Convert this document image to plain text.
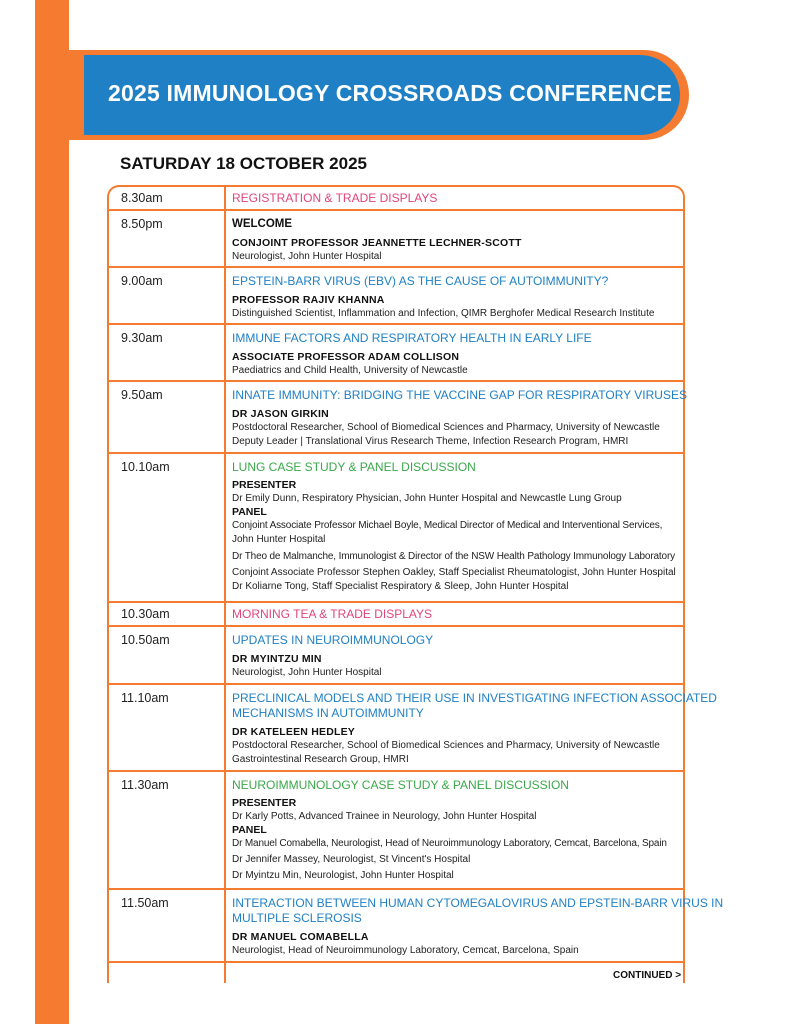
2025 IMMUNOLOGY CROSSROADS CONFERENCE
SATURDAY 18 OCTOBER 2025
8.30am	REGISTRATION & TRADE DISPLAYS

8.50pm	WELCOME

CONJOINT PROFESSOR JEANNETTE LECHNER-SCOTT
Neurologist, John Hunter Hospital
9.00am	EPSTEIN-BARR VIRUS (EBV) AS THE CAUSE OF AUTOIMMUNITY?

PROFESSOR RAJIV KHANNA
Distinguished Scientist, Inflammation and Infection, QIMR Berghofer Medical Research Institute
9.30am	IMMUNE FACTORS AND RESPIRATORY HEALTH IN EARLY LIFE

ASSOCIATE PROFESSOR ADAM COLLISON
Paediatrics and Child Health, University of Newcastle
9.50am	INNATE IMMUNITY: BRIDGING THE VACCINE GAP FOR RESPIRATORY VIRUSES

DR JASON GIRKIN
Postdoctoral Researcher, School of Biomedical Sciences and Pharmacy, University of Newcastle
Deputy Leader | Translational Virus Research Theme, Infection Research Program, HMRI
10.10am	LUNG CASE STUDY & PANEL DISCUSSION

PRESENTER
Dr Emily Dunn, Respiratory Physician, John Hunter Hospital and Newcastle Lung Group
PANEL
Conjoint Associate Professor Michael Boyle, Medical Director of Medical and Interventional Services,
John Hunter Hospital
Dr Theo de Malmanche, Immunologist & Director of the NSW Health Pathology Immunology Laboratory
Conjoint Associate Professor Stephen Oakley, Staff Specialist Rheumatologist, John Hunter Hospital
Dr Koliarne Tong, Staff Specialist Respiratory & Sleep, John Hunter Hospital
10.30am	MORNING TEA & TRADE DISPLAYS

10.50am	UPDATES IN NEUROIMMUNOLOGY

DR MYINTZU MIN
Neurologist, John Hunter Hospital
11.10am	PRECLINICAL MODELS AND THEIR USE IN INVESTIGATING INFECTION ASSOCIATED

MECHANISMS IN AUTOIMMUNITY

DR KATELEEN HEDLEY
Postdoctoral Researcher, School of Biomedical Sciences and Pharmacy, University of Newcastle
Gastrointestinal Research Group, HMRI
11.30am	NEUROIMMUNOLOGY CASE STUDY & PANEL DISCUSSION

PRESENTER
Dr Karly Potts, Advanced Trainee in Neurology, John Hunter Hospital
PANEL
Dr Manuel Comabella, Neurologist, Head of Neuroimmunology Laboratory, Cemcat, Barcelona, Spain
Dr Jennifer Massey, Neurologist, St Vincent's Hospital
Dr Myintzu Min, Neurologist, John Hunter Hospital
11.50am	INTERACTION BETWEEN HUMAN CYTOMEGALOVIRUS AND EPSTEIN-BARR VIRUS IN

MULTIPLE SCLEROSIS

DR MANUEL COMABELLA
Neurologist, Head of Neuroimmunology Laboratory, Cemcat, Barcelona, Spain
CONTINUED >
